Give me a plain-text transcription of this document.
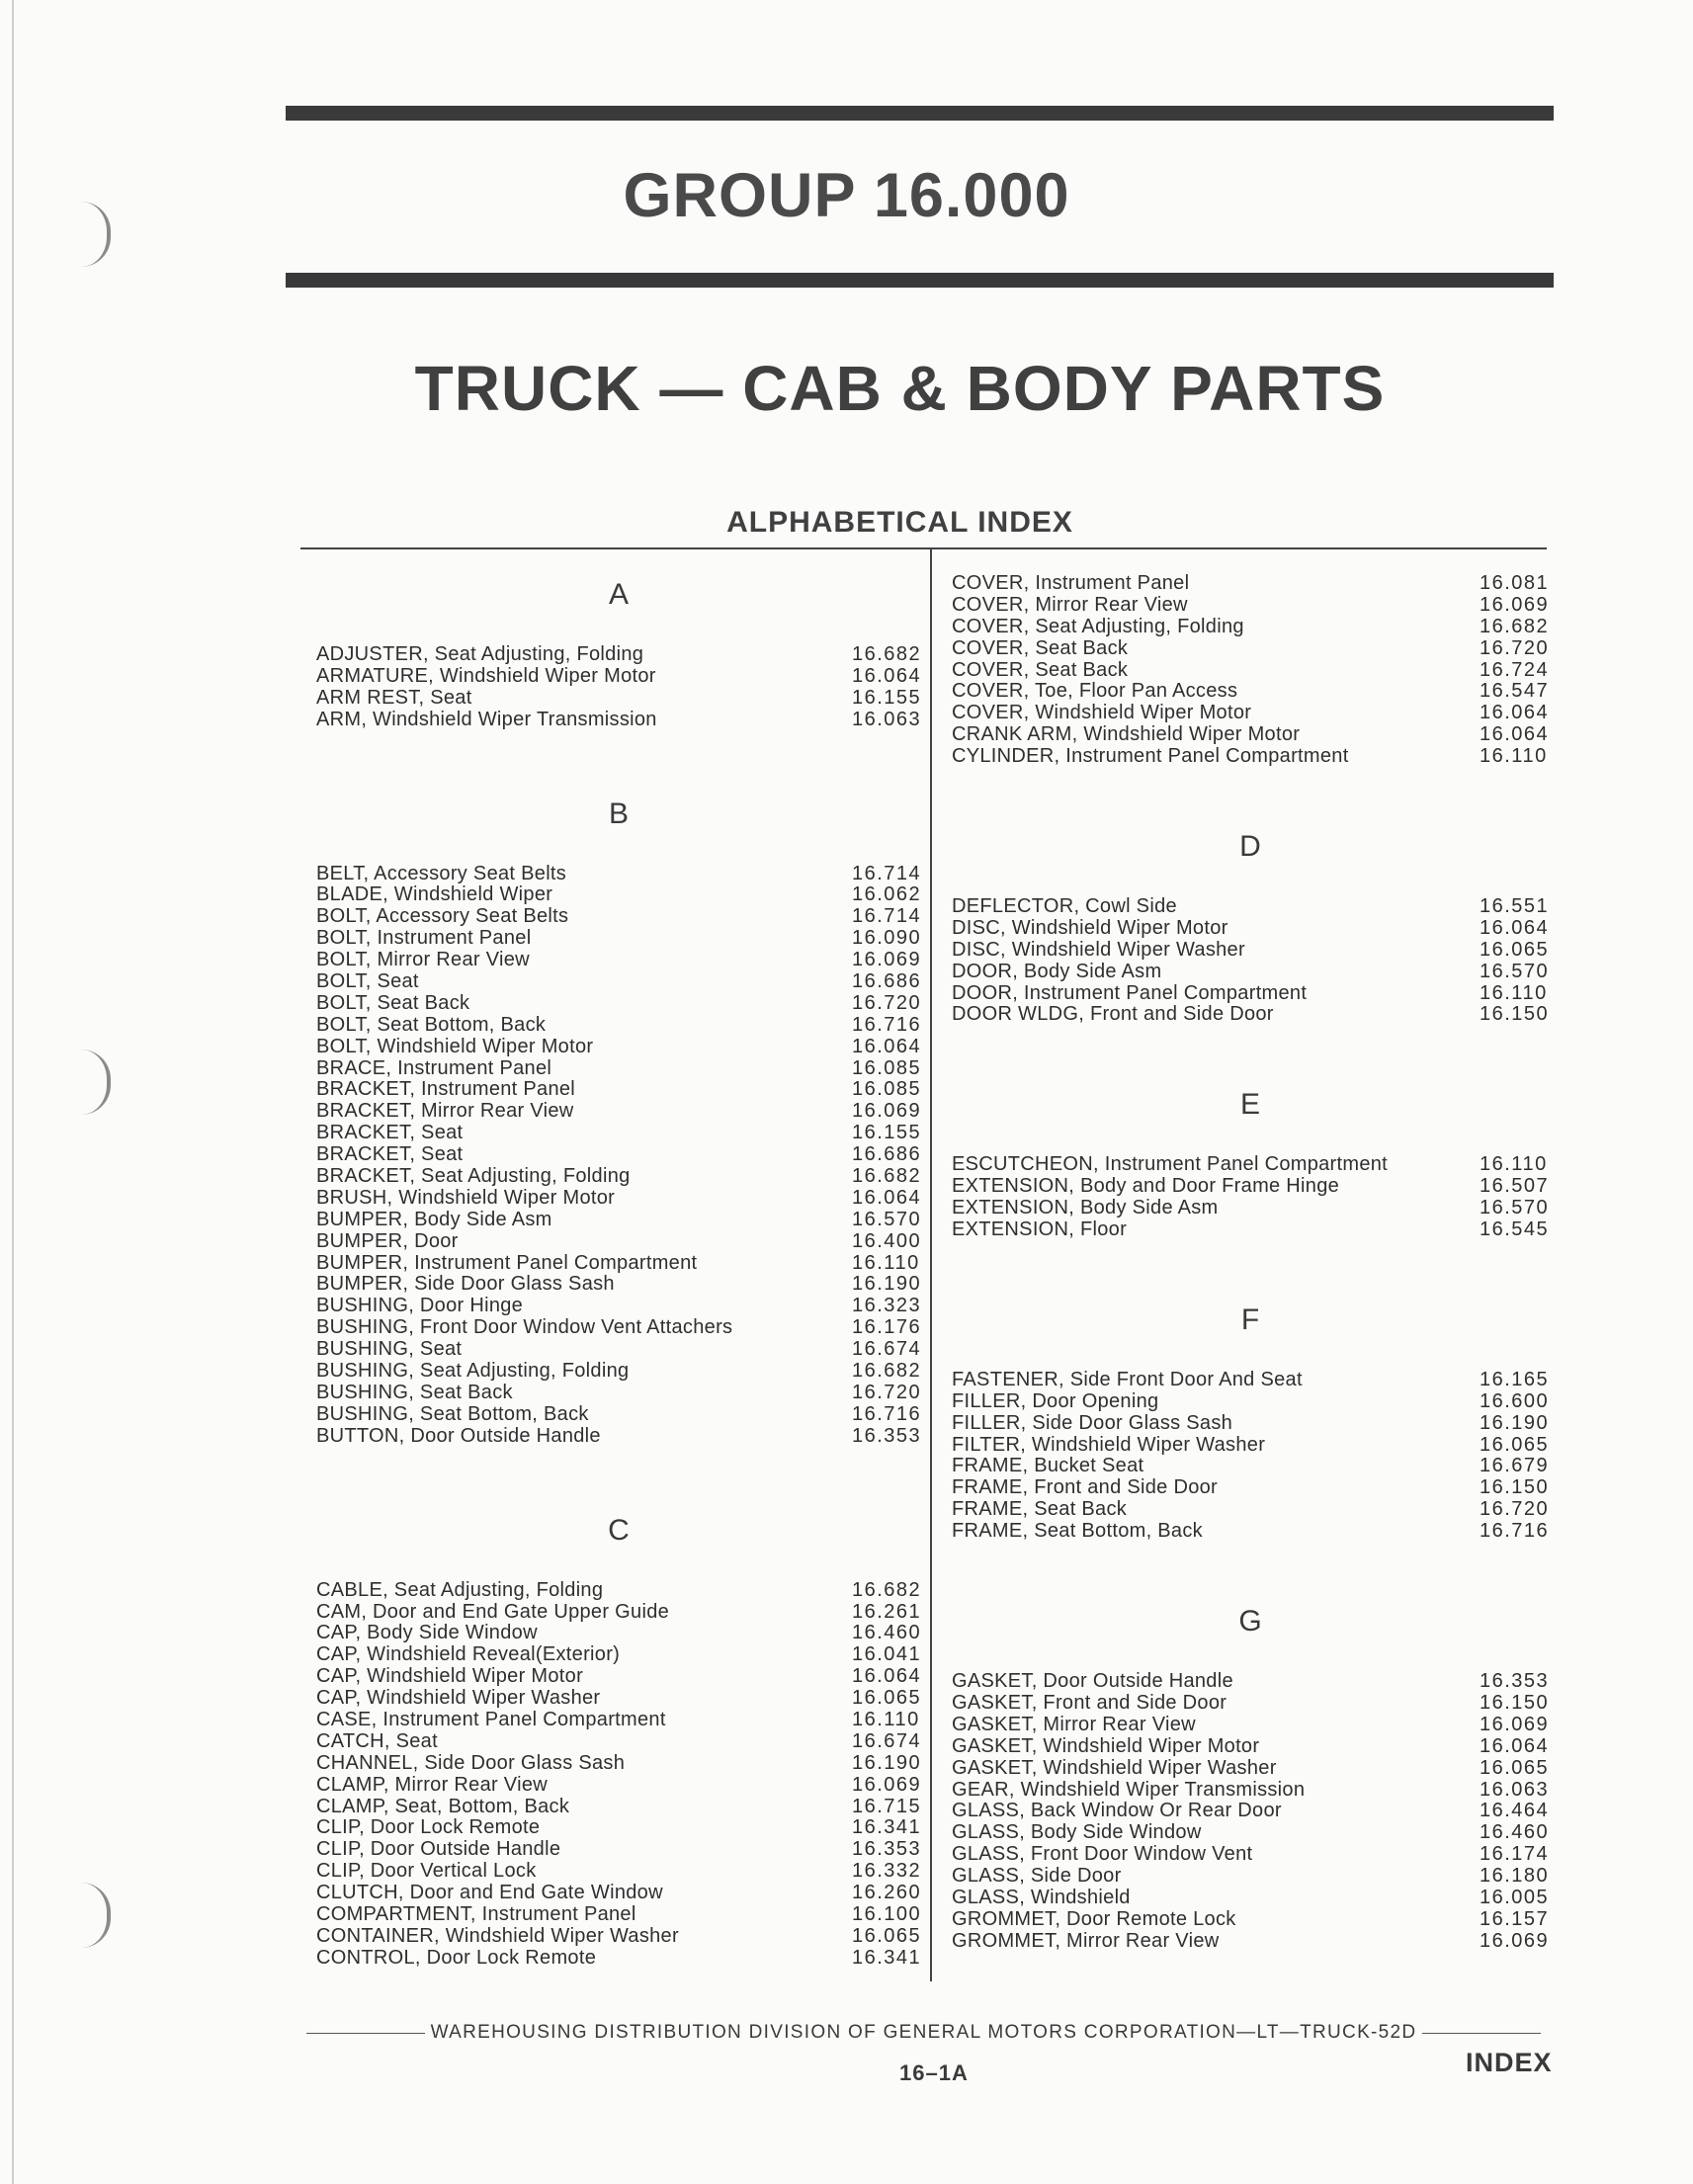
GROUP 16.000
TRUCK — CAB & BODY PARTS
ALPHABETICAL INDEX
A
ADJUSTER, Seat Adjusting, Folding	16.682
ARMATURE, Windshield Wiper Motor	16.064
ARM REST, Seat	16.155
ARM, Windshield Wiper Transmission	16.063
B
BELT, Accessory Seat Belts	16.714
BLADE, Windshield Wiper	16.062
BOLT, Accessory Seat Belts	16.714
BOLT, Instrument Panel	16.090
BOLT, Mirror Rear View	16.069
BOLT, Seat	16.686
BOLT, Seat Back	16.720
BOLT, Seat Bottom, Back	16.716
BOLT, Windshield Wiper Motor	16.064
BRACE, Instrument Panel	16.085
BRACKET, Instrument Panel	16.085
BRACKET, Mirror Rear View	16.069
BRACKET, Seat	16.155
BRACKET, Seat	16.686
BRACKET, Seat Adjusting, Folding	16.682
BRUSH, Windshield Wiper Motor	16.064
BUMPER, Body Side Asm	16.570
BUMPER, Door	16.400
BUMPER, Instrument Panel Compartment	16.110
BUMPER, Side Door Glass Sash	16.190
BUSHING, Door Hinge	16.323
BUSHING, Front Door Window Vent Attachers	16.176
BUSHING, Seat	16.674
BUSHING, Seat Adjusting, Folding	16.682
BUSHING, Seat Back	16.720
BUSHING, Seat Bottom, Back	16.716
BUTTON, Door Outside Handle	16.353
C
CABLE, Seat Adjusting, Folding	16.682
CAM, Door and End Gate Upper Guide	16.261
CAP, Body Side Window	16.460
CAP, Windshield Reveal(Exterior)	16.041
CAP, Windshield Wiper Motor	16.064
CAP, Windshield Wiper Washer	16.065
CASE, Instrument Panel Compartment	16.110
CATCH, Seat	16.674
CHANNEL, Side Door Glass Sash	16.190
CLAMP, Mirror Rear View	16.069
CLAMP, Seat, Bottom, Back	16.715
CLIP, Door Lock Remote	16.341
CLIP, Door Outside Handle	16.353
CLIP, Door Vertical Lock	16.332
CLUTCH, Door and End Gate Window	16.260
COMPARTMENT, Instrument Panel	16.100
CONTAINER, Windshield Wiper Washer	16.065
CONTROL, Door Lock Remote	16.341
COVER, Instrument Panel	16.081
COVER, Mirror Rear View	16.069
COVER, Seat Adjusting, Folding	16.682
COVER, Seat Back	16.720
COVER, Seat Back	16.724
COVER, Toe, Floor Pan Access	16.547
COVER, Windshield Wiper Motor	16.064
CRANK ARM, Windshield Wiper Motor	16.064
CYLINDER, Instrument Panel Compartment	16.110
D
DEFLECTOR, Cowl Side	16.551
DISC, Windshield Wiper Motor	16.064
DISC, Windshield Wiper Washer	16.065
DOOR, Body Side Asm	16.570
DOOR, Instrument Panel Compartment	16.110
DOOR WLDG, Front and Side Door	16.150
E
ESCUTCHEON, Instrument Panel Compartment	16.110
EXTENSION, Body and Door Frame Hinge	16.507
EXTENSION, Body Side Asm	16.570
EXTENSION, Floor	16.545
F
FASTENER, Side Front Door And Seat	16.165
FILLER, Door Opening	16.600
FILLER, Side Door Glass Sash	16.190
FILTER, Windshield Wiper Washer	16.065
FRAME, Bucket Seat	16.679
FRAME, Front and Side Door	16.150
FRAME, Seat Back	16.720
FRAME, Seat Bottom, Back	16.716
G
GASKET, Door Outside Handle	16.353
GASKET, Front and Side Door	16.150
GASKET, Mirror Rear View	16.069
GASKET, Windshield Wiper Motor	16.064
GASKET, Windshield Wiper Washer	16.065
GEAR, Windshield Wiper Transmission	16.063
GLASS, Back Window Or Rear Door	16.464
GLASS, Body Side Window	16.460
GLASS, Front Door Window Vent	16.174
GLASS, Side Door	16.180
GLASS, Windshield	16.005
GROMMET, Door Remote Lock	16.157
GROMMET, Mirror Rear View	16.069
WAREHOUSING DISTRIBUTION DIVISION OF GENERAL MOTORS CORPORATION—LT—TRUCK-52D
16–1A	INDEX
